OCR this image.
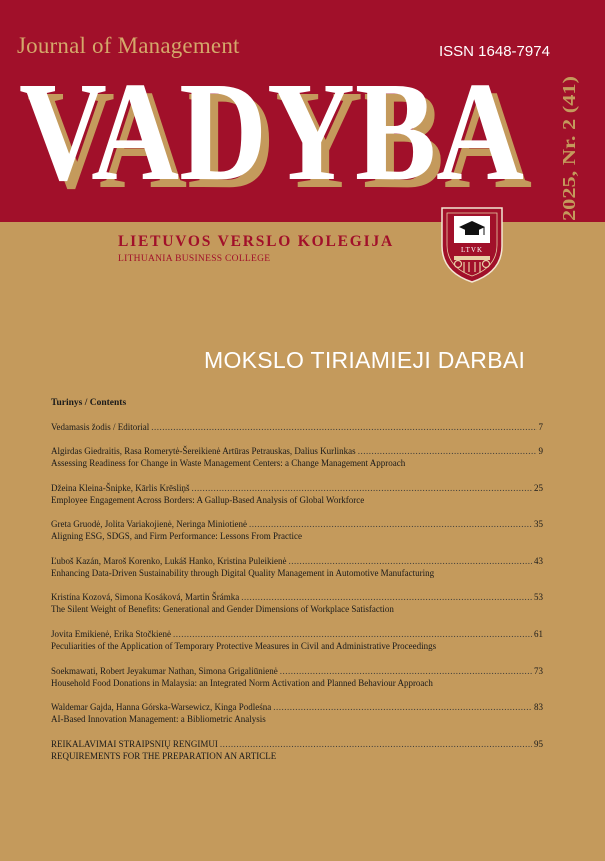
Journal of Management	ISSN 1648-7974
VADYBA
VADYBA 2025, Nr. 2 (41)
LIETUVOS VERSLO KOLEGIJA
LITHUANIA BUSINESS COLLEGE
LTVK
MOKSLO TIRIAMIEJI DARBAI
Turinys / Contents
Vedamasis žodis / Editorial .....	7
Algirdas Giedraitis, Rasa Romerytė-Šereikienė Artūras Petrauskas, Dalius Kurlinkas .....	9
Assessing Readiness for Change in Waste Management Centers: a Change Management Approach
Džeina Kleina-Šnipke, Kārlis Krēsliņš .....	25
Employee Engagement Across Borders: A Gallup-Based Analysis of Global Workforce
Greta Gruodė, Jolita Variakojienė, Neringa Miniotienė .....	35
Aligning ESG, SDGS, and Firm Performance: Lessons From Practice
Ľuboš Kazán, Maroš Korenko, Lukáš Hanko, Kristina Puleikienė .....	43
Enhancing Data-Driven Sustainability through Digital Quality Management in Automotive Manufacturing
Kristína Kozová, Simona Kosáková, Martin Šrámka .....	53
The Silent Weight of Benefits: Generational and Gender Dimensions of Workplace Satisfaction
Jovita Emikienė, Erika Stočkienė .....	61
Peculiarities of the Application of Temporary Protective Measures in Civil and Administrative Proceedings
Soekmawati, Robert Jeyakumar Nathan, Simona Grigaliūnienė .....	73
Household Food Donations in Malaysia: an Integrated Norm Activation and Planned Behaviour Approach
Waldemar Gajda, Hanna Górska-Warsewicz, Kinga Podleśna .....	83
AI-Based Innovation Management: a Bibliometric Analysis
REIKALAVIMAI STRAIPSNIŲ RENGIMUI .....	95
REQUIREMENTS FOR THE PREPARATION AN ARTICLE
